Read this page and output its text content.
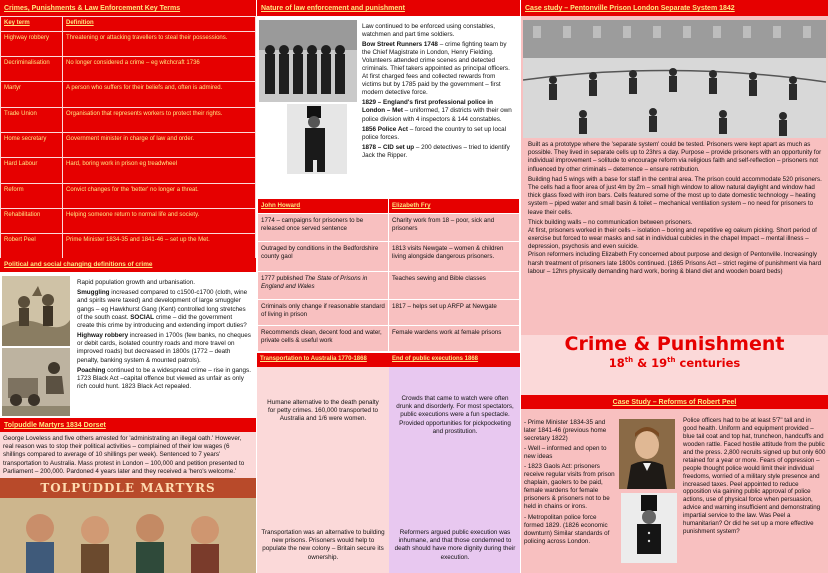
Crimes, Punishments & Law Enforcement Key Terms
Key term	Definition
Highway robbery	Threatening or attacking travellers to steal their possessions.
Decriminalisation	No longer considered a crime – eg witchcraft 1736
Martyr	A person who suffers for their beliefs and, often is admired.
Trade Union	Organisation that represents workers to protect their rights.
Home secretary	Government minister in charge of law and order.
Hard Labour	Hard, boring work in prison eg treadwheel
Reform	Convict changes for the 'better' no longer a threat.
Rehabilitation	Helping someone return to normal life and society.
Robert Peel	Prime Minister 1834-35 and 1841-46 – set up the Met.

Political and social changing definitions of crime

Rapid population growth and urbanisation.

Smuggling increased compared to c1500-c1700 (cloth, wine and spirits were taxed) and development of large smuggler gangs – eg Hawkhurst Gang (Kent) controlled long stretches of the south coast. SOCIAL crime – did the government create this crime by introducing and extending import duties?

Highway robbery increased in 1700s (few banks, no cheques or debit cards, isolated country roads and more travel on improved roads) but decreased in 1800s (1772 – death penalty, banking system & mounted patrols).

Poaching continued to be a widespread crime – rise in gangs. 1723 Black Act –capital offence but viewed as unfair as only rich could hunt. 1823 Black Act repealed.

Tolpuddle Martyrs 1834 Dorset
George Loveless and five others arrested for 'administrating an illegal oath.' However, real reason was to stop their political activities – complained of their low wages (6 shillings compared to average of 10 shillings per week). Sentenced to 7 years' transportation to Australia. Mass protest in London – 100,000 and petition presented to Parliament – 200,000. Pardoned 4 years later and they received a 'hero's welcome.'
TOLPUDDLE MARTYRS
Nature of law enforcement and punishment

Law continued to be enforced using constables, watchmen and part time soldiers.

Bow Street Runners 1748 – crime fighting team by the Chief Magistrate in London, Henry Fielding. Volunteers attended crime scenes and detected criminals. Thief takers appointed as principal officers. At first charged fees and collected rewards from victims but by 1785 paid by the government – first modern detective force.

1829 – England's first professional police in London – Met – uniformed, 17 districts with their own police division with 4 inspectors & 144 constables.

1856 Police Act – forced the country to set up local police forces.

1878 – CID set up – 200 detectives – tried to identify Jack the Ripper.

John Howard	Elizabeth Fry
1774 – campaigns for prisoners to be released once served sentence	Charity work from 18 – poor, sick and prisoners
Outraged by conditions in the Bedfordshire county gaol	1813 visits Newgate – women & children living alongside dangerous prisoners.
1777 published The State of Prisons in England and Wales	Teaches sewing and Bible classes
Criminals only change if reasonable standard of living in prison	1817 – helps set up ARFP at Newgate
Recommends clean, decent food and water, private cells & useful work	Female wardens work at female prisons
Transportation to Australia 1770-1868
Humane alternative to the death penalty for petty crimes. 160,000 transported to Australia and 1/6 were women.
Transportation was an alternative to building new prisons. Prisoners would help to populate the new colony – Britain secure its ownership.
End of public executions 1868
Crowds that came to watch were often drunk and disorderly. For most spectators, public executions were a fun spectacle. Provided opportunities for pickpocketing and prostitution.
Reformers argued public execution was inhumane, and that those condemned to death should have more dignity during their execution.
Case study – Pentonville Prison London Separate System 1842

Built as a prototype where the 'separate system' could be tested. Prisoners were kept apart as much as possible. They lived in separate cells up to 23hrs a day. Purpose – provide prisoners with an opportunity for individual improvement – solitude to encourage reform via religious faith and self-reflection – prisoners not influenced by other criminals – deterrence – ensure retribution.

Building had 5 wings with a base for staff in the central area. The prison could accommodate 520 prisoners. The cells had a floor area of just 4m by 2m – small high window to allow natural daylight and window had thick glass fixed with iron bars. Cells featured some of the most up to date domestic technology – heating system – piped water and small basin & toilet – mechanical ventilation system – no need for prisoners to leave their cells.

Thick building walls – no communication between prisoners.

At first, prisoners worked in their cells – isolation – boring and repetitive eg oakum picking. Short period of exercise but forced to wear masks and sat in individual cubicles in the chapel Impact – mental illness – depression, psychosis and even suicide.

Prison reformers including Elizabeth Fry concerned about purpose and design of Pentonville. Increasingly harsh treatment of prisoners late 1800s continued. (1865 Prisons Act – strict regime of punishment via hard labour – 12hrs physically demanding hard work, boring & bland diet and wooden board beds)

Crime & Punishment
18th & 19th centuries
Case Study – Reforms of Robert Peel

- Prime Minister 1834-35 and later 1841-46 (previous home secretary 1822)

- Well – informed and open to new ideas

- 1823 Gaols Act: prisoners receive regular visits from prison chaplain, gaolers to be paid, female wardens for female prisoners & prisoners not to be held in chains or irons.

- Metropolitan police force formed 1829. (1826 economic downturn) Similar standards of policing across London.

Police officers had to be at least 5'7" tall and in good health. Uniform and equipment provided – blue tail coat and top hat, truncheon, handcuffs and wooden rattle. Faced hostile attitude from the public and the press. 2,800 recruits signed up but only 600 retained for a year or more. Fears of oppression – people thought police would limit their individual freedoms, worried of a military style presence and increased taxes. Peel appointed to reduce opposition via gaining public approval of police actions, use of physical force when persuasion, advice and warning insufficient and demonstrating impartial service to the law. Was Peel a humanitarian? Or did he set up a more effective punishment system?
